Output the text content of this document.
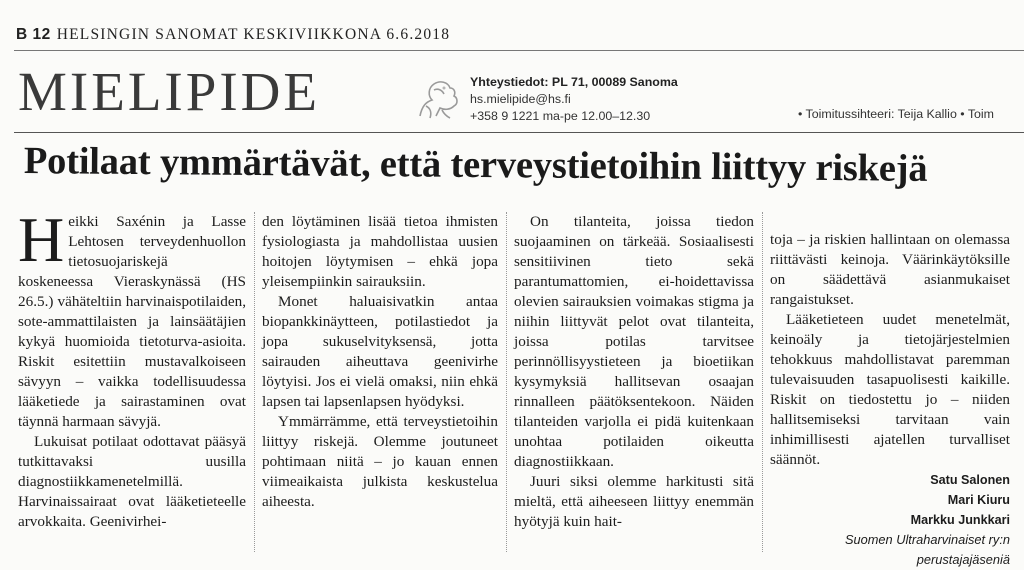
B 12 HELSINGIN SANOMAT KESKIVIIKKONA 6.6.2018
MIELIPIDE	Yhteystiedot: PL 71, 00089 Sanoma
hs.mielipide@hs.fi
+358 9 1221 ma-pe 12.00–12.30	• Toimitussihteeri: Teija Kallio • Toim
Potilaat ymmärtävät, että terveystietoihin liittyy riskejä

Heikki Saxénin ja Lasse Lehtosen terveydenhuollon tietosuojariskejä koskeneessa Vieraskynässä (HS 26.5.) vähäteltiin harvinaispotilaiden, sote-ammattilaisten ja lainsäätäjien kykyä huomioida tietoturva-asioita. Riskit esitettiin mustavalkoiseen sävyyn – vaikka todellisuudessa lääketiede ja sairastaminen ovat täynnä harmaan sävyjä.

Lukuisat potilaat odottavat pääsyä tutkittavaksi uusilla diagnostiikkamenetelmillä. Harvinaissairaat ovat lääketieteelle arvokkaita. Geenivirhei-

den löytäminen lisää tietoa ihmisten fysiologiasta ja mahdollistaa uusien hoitojen löytymisen – ehkä jopa yleisempiinkin sairauksiin.

Monet haluaisivatkin antaa biopankkinäytteen, potilastiedot ja jopa sukuselvityksensä, jotta sairauden aiheuttava geenivirhe löytyisi. Jos ei vielä omaksi, niin ehkä lapsen tai lapsenlapsen hyödyksi.

Ymmärrämme, että terveystietoihin liittyy riskejä. Olemme joutuneet pohtimaan niitä – jo kauan ennen viimeaikaista julkista keskustelua aiheesta.

On tilanteita, joissa tiedon suojaaminen on tärkeää. Sosiaalisesti sensitiivinen tieto sekä parantumattomien, ei-hoidettavissa olevien sairauksien voimakas stigma ja niihin liittyvät pelot ovat tilanteita, joissa potilas tarvitsee perinnöllisyystieteen ja bioetiikan kysymyksiä hallitsevan osaajan rinnalleen päätöksentekoon. Näiden tilanteiden varjolla ei pidä kuitenkaan unohtaa potilaiden oikeutta diagnostiikkaan.

Juuri siksi olemme harkitusti sitä mieltä, että aiheeseen liittyy enemmän hyötyjä kuin hait-

toja – ja riskien hallintaan on olemassa riittävästi keinoja. Väärinkäytöksille on säädettävä asianmukaiset rangaistukset.

Lääketieteen uudet menetelmät, keinoäly ja tietojärjestelmien tehokkuus mahdollistavat paremman tulevaisuuden tasapuolisesti kaikille. Riskit on tiedostettu jo – niiden hallitsemiseksi tarvitaan vain inhimillisesti ajatellen turvalliset säännöt.

Satu Salonen
Mari Kiuru
Markku Junkkari
Suomen Ultraharvinaiset ry:n
perustajajäseniä
